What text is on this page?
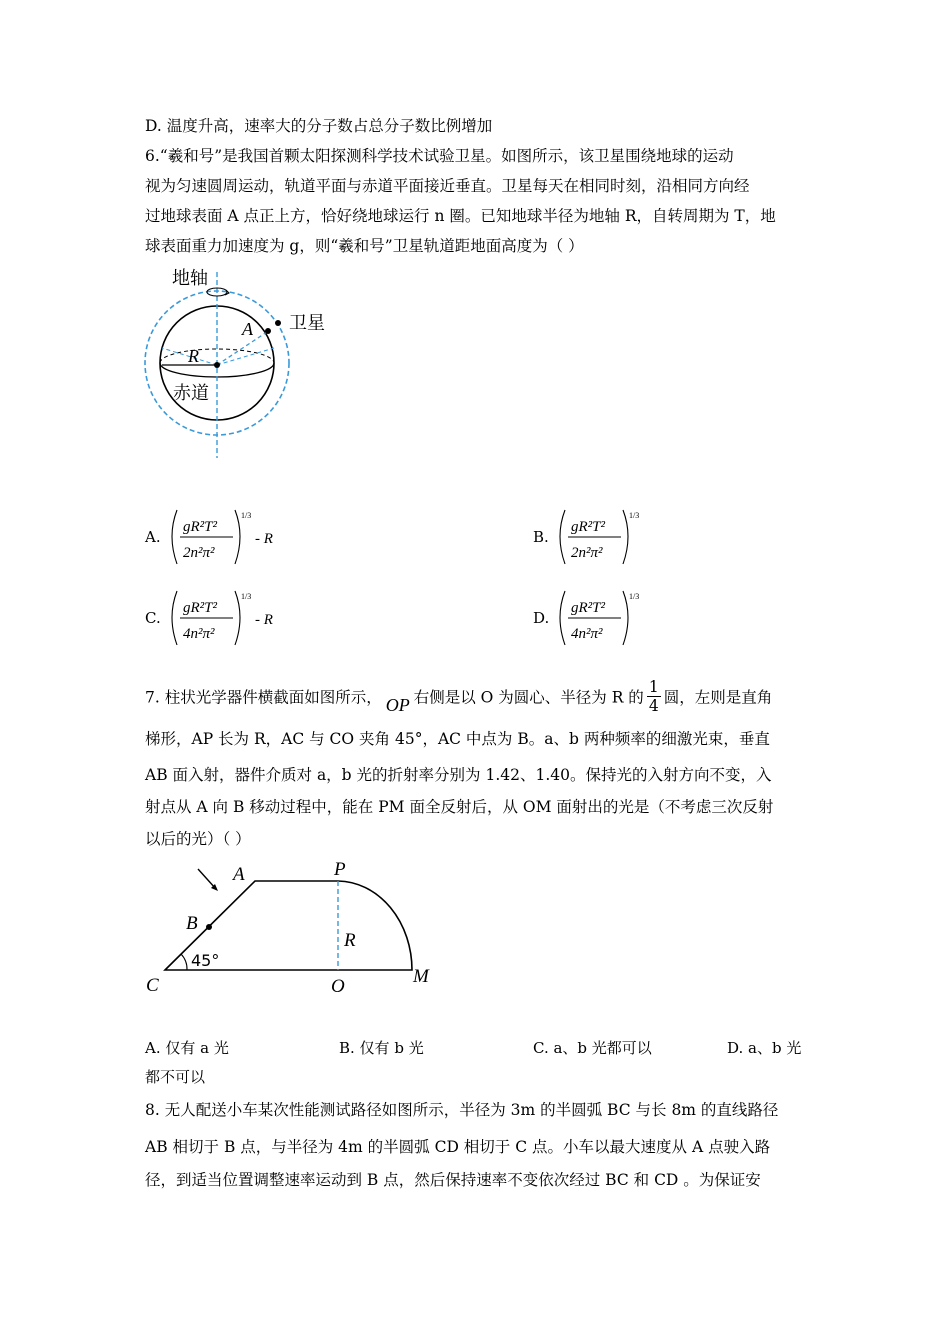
D. 温度升高，速率大的分子数占总分子数比例增加
6.“羲和号”是我国首颗太阳探测科学技术试验卫星。如图所示，该卫星围绕地球的运动
视为匀速圆周运动，轨道平面与赤道平面接近垂直。卫星每天在相同时刻，沿相同方向经
过地球表面 A 点正上方，恰好绕地球运行 n 圈。已知地球半径为地轴 R，自转周期为 T，地
球表面重力加速度为 g，则“羲和号”卫星轨道距地面高度为（ ）
地轴
卫星
A
R
赤道
A.
gR²T²
2n²π²
1/3
- R	B.
gR²T²
2n²π²
1/3
C.
gR²T²
4n²π²
1/3
- R	D.
gR²T²
4n²π²
1/3
7. 柱状光学器件横截面如图所示， OP 右侧是以 O 为圆心、半径为 R 的 $\frac{1}{4}$ 圆，左则是直角
梯形，AP 长为 R，AC 与 CO 夹角 45°，AC 中点为 B。a、b 两种频率的细激光束，垂直
AB 面入射，器件介质对 a，b 光的折射率分别为 1.42、1.40。保持光的入射方向不变，入
射点从 A 向 B 移动过程中，能在 PM 面全反射后，从 OM 面射出的光是（不考虑三次反射
以后的光）（ ）
A	P
B
R
45°
C	O	M
A. 仅有 a 光	B. 仅有 b 光	C. a、b 光都可以	D. a、b 光
都不可以
8. 无人配送小车某次性能测试路径如图所示，半径为 3m 的半圆弧 BC 与长 8m 的直线路径
AB 相切于 B 点，与半径为 4m 的半圆弧 CD 相切于 C 点。小车以最大速度从 A 点驶入路
径，到适当位置调整速率运动到 B 点，然后保持速率不变依次经过 BC 和 CD 。为保证安
